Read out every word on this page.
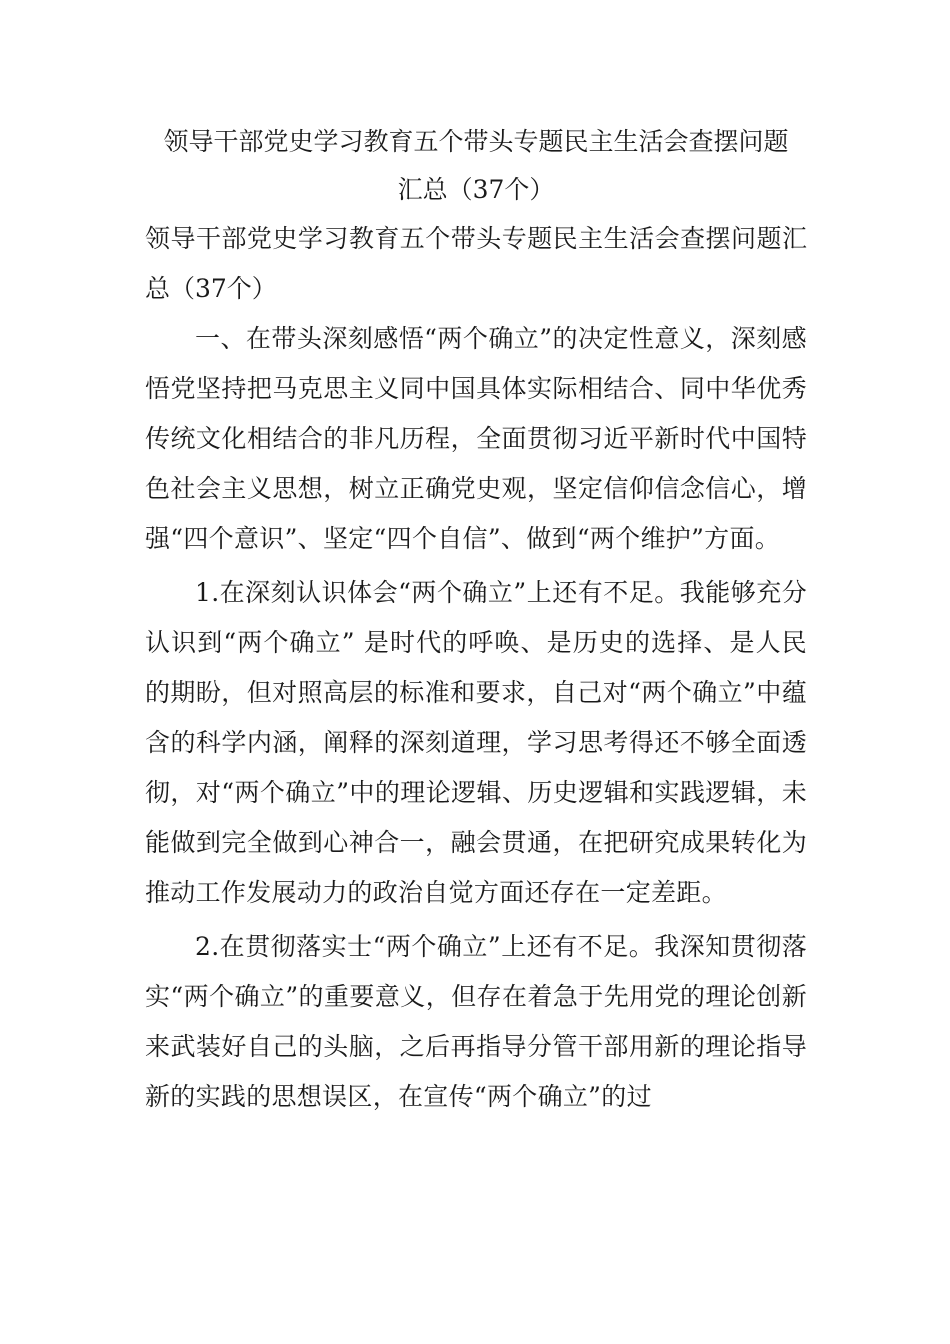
领导干部党史学习教育五个带头专题民主生活会查摆问题

汇总（37个）

领导干部党史学习教育五个带头专题民主生活会查摆问题汇总（37个）

一、在带头深刻感悟“两个确立”的决定性意义，深刻感悟党坚持把马克思主义同中国具体实际相结合、同中华优秀传统文化相结合的非凡历程，全面贯彻习近平新时代中国特色社会主义思想，树立正确党史观，坚定信仰信念信心，增强“四个意识”、坚定“四个自信”、做到“两个维护”方面。

1.在深刻认识体会“两个确立”上还有不足。我能够充分认识到“两个确立” 是时代的呼唤、是历史的选择、是人民的期盼，但对照高层的标准和要求，自己对“两个确立”中蕴含的科学内涵，阐释的深刻道理，学习思考得还不够全面透彻，对“两个确立”中的理论逻辑、历史逻辑和实践逻辑，未能做到完全做到心神合一，融会贯通，在把研究成果转化为推动工作发展动力的政治自觉方面还存在一定差距。

2.在贯彻落实士“两个确立”上还有不足。我深知贯彻落实“两个确立”的重要意义，但存在着急于先用党的理论创新来武装好自己的头脑，之后再指导分管干部用新的理论指导新的实践的思想误区，在宣传“两个确立”的过
